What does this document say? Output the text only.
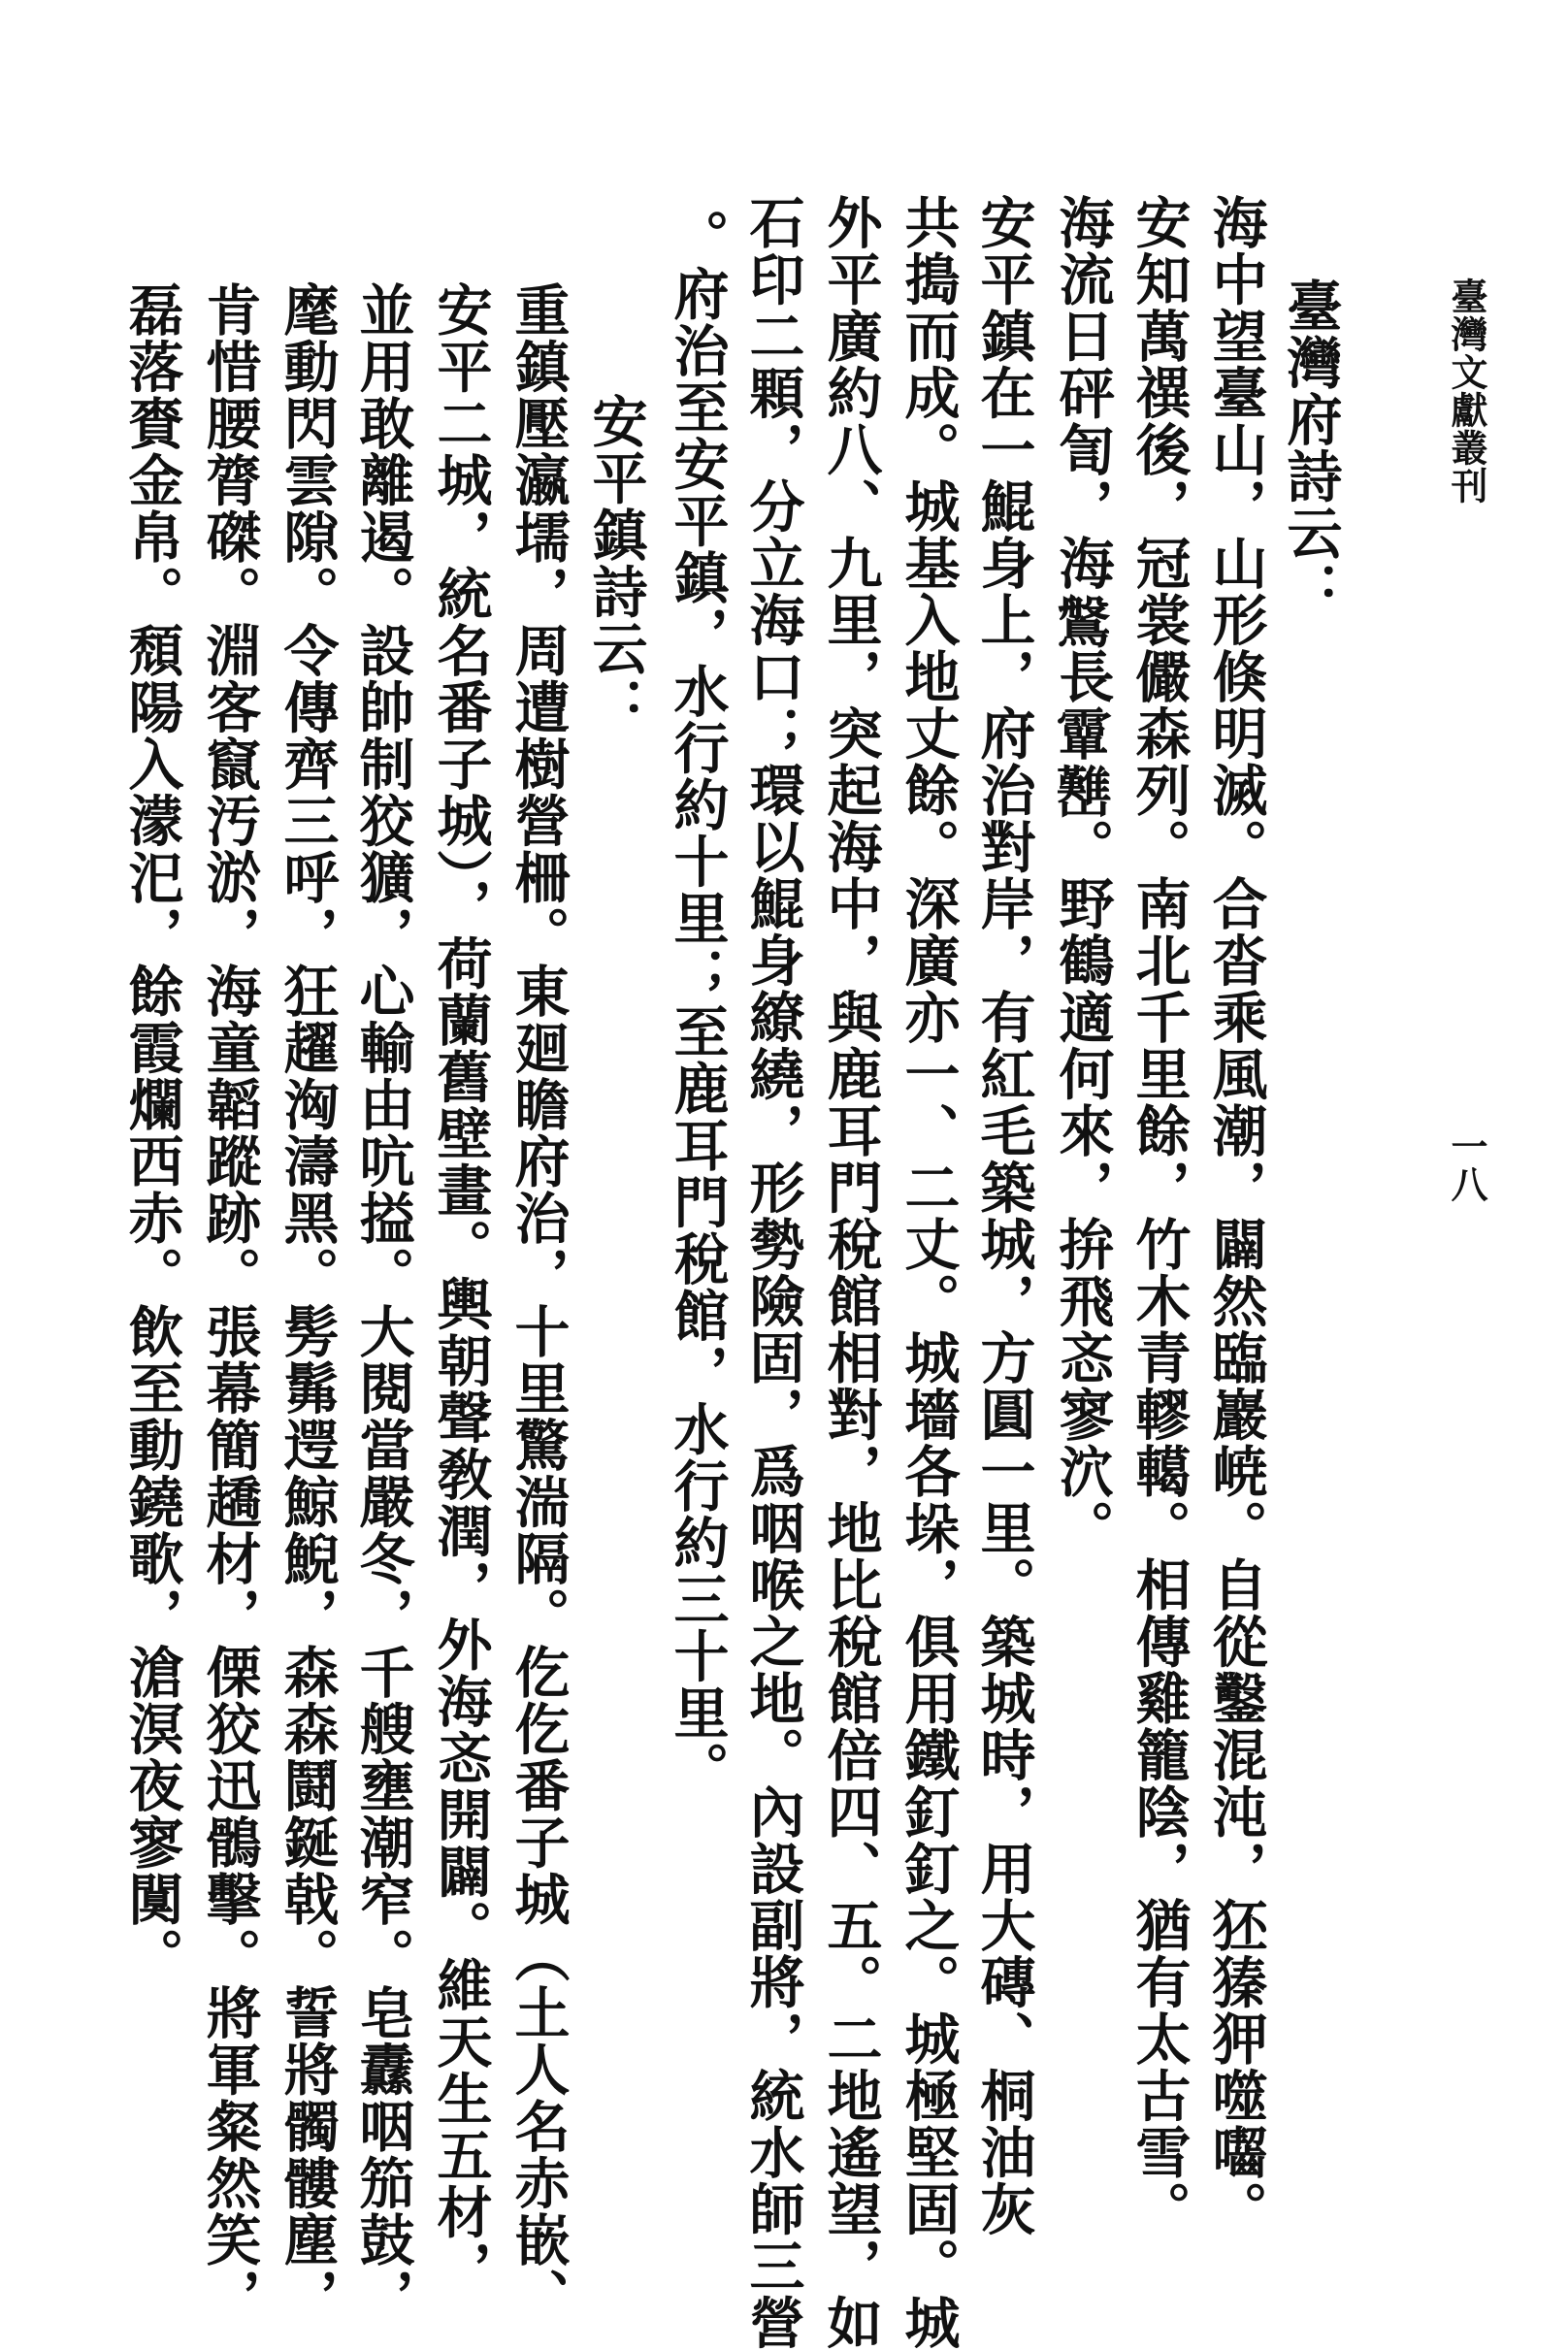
臺灣文獻叢刊
一八
臺灣府詩云：
海中望臺山，山形倏明滅。合沓乘風潮，闢然臨巖𡸳。自從鑿混沌，狉獉狎噬囓。
安知萬禩後，冠裳儼森列。南北千里餘，竹木青轇轕。相傳雞籠陰，猶有太古雪。
海流日砰訇，海𪄀長𩅦𡿊。野鶴適何來，拚飛忞寥泬。
安平鎮在一鯤身上，府治對岸，有紅毛築城，方圓一里。築城時，用大磚、桐油灰
共搗而成。城基入地丈餘。深廣亦一、二丈。城墻各垛，俱用鐵釘釘之。城極堅固。城
外平廣約八、九里，突起海中，與鹿耳門稅館相對，地比稅館倍四、五。二地遙望，如
石印二顆，分立海口；環以鯤身繚繞，形勢險固，爲咽喉之地。內設副將，統水師三營
。府治至安平鎮，水行約十里；至鹿耳門稅館，水行約三十里。
安平鎮詩云：
重鎮壓瀛壖，周遭樹營柵。東廻瞻府治，十里驚湍隔。仡仡番子城（土人名赤嵌、
安平二城，統名番子城），荷蘭舊壁畫。輿朝聲敎潤，外海忞開闢。維天生五材，
並用敢離遏。設帥制狡獷，心輸由吭搤。大閱當嚴冬，千艘壅潮窄。皂纛咽笳鼓，
麾動閃雲隙。令傳齊三呼，狂趯洶濤黑。髣髴遌鯨鯢，森森鬪鋋戟。誓將髑髏塵，
肯惜腰膂磔。淵客竄汚淤，海童韜蹤跡。張幕簡趫材，傈狡迅鶻擊。將軍粲然笑，
磊落賚金帛。頹陽入濛汜，餘霞爛西赤。飲至動鐃歌，滄溟夜寥闃。
